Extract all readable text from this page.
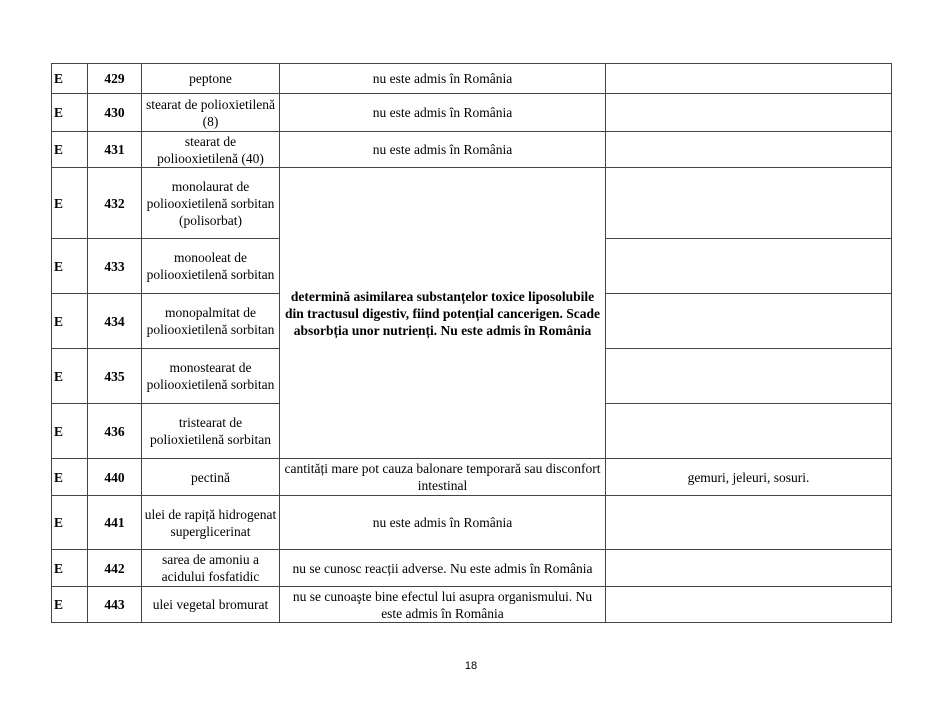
E	429	peptone	nu este admis în România	
E	430	stearat de polioxietilenă (8)	nu este admis în România	
E	431	stearat de poliooxietilenă (40)	nu este admis în România	
E	432	monolaurat de poliooxietilenă sorbitan (polisorbat)	determină asimilarea substanțelor toxice liposolubile din tractusul digestiv, fiind potențial cancerigen. Scade absorbția unor nutrienți. Nu este admis în România	
E	433	monooleat de poliooxietilenă sorbitan		
E	434	monopalmitat de poliooxietilenă sorbitan		
E	435	monostearat de poliooxietilenă sorbitan		
E	436	tristearat de polioxietilenă sorbitan		
E	440	pectină	cantități mare pot cauza balonare temporară sau disconfort intestinal	gemuri, jeleuri, sosuri.
E	441	ulei de rapiță hidrogenat superglicerinat	nu este admis în România	
E	442	sarea de amoniu a acidului fosfatidic	nu se cunosc reacții adverse. Nu este admis în România	
E	443	ulei vegetal bromurat	nu se cunoaşte bine efectul lui asupra organismului. Nu este admis în România	
18
